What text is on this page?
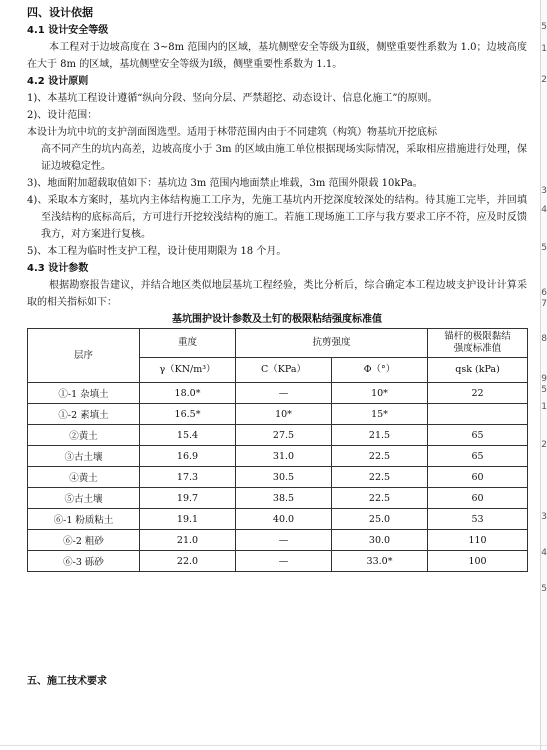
5
1
2
3
4
5
6
7
8
9
5
1
2
3
4
5
四、设计依据
4.1 设计安全等级
本工程对于边坡高度在 3~8m 范围内的区域，基坑侧壁安全等级为Ⅱ级，侧壁重要性系数为 1.0；边坡高度在大于 8m 的区域，基坑侧壁安全等级为Ⅰ级，侧壁重要性系数为 1.1。
4.2 设计原则
1)、本基坑工程设计遵循“纵向分段、竖向分层、严禁超挖、动态设计、信息化施工”的原则。
2)、设计范围：
本设计为坑中坑的支护剖面图选型。适用于林带范围内由于不同建筑（构筑）物基坑开挖底标
高不同产生的坑内高差，边坡高度小于 3m 的区域由施工单位根据现场实际情况，采取相应措施进行处理，保证边坡稳定性。
3)、地面附加超载取值如下：基坑边 3m 范围内地面禁止堆载，3m 范围外限载 10kPa。
4)、采取本方案时，基坑内主体结构施工工序为，先施工基坑内开挖深度较深处的结构。待其施工完毕，并回填至浅结构的底标高后，方可进行开挖较浅结构的施工。若施工现场施工工序与我方要求工序不符，应及时反馈我方，对方案进行复核。
5)、本工程为临时性支护工程，设计使用期限为 18 个月。
4.3 设计参数
根据勘察报告建议，并结合地区类似地层基坑工程经验，类比分析后，综合确定本工程边坡支护设计计算采取的相关指标如下：
基坑围护设计参数及土钉的极限粘结强度标准值
层序	重度	抗剪强度		锚杆的极限黏结强度标准值
	γ（KN/m³）	C（KPa）	Φ（°）	qsk (kPa)
①-1 杂填土	18.0*	—	10*	22
①-2 素填土	16.5*	10*	15*	
②黄土	15.4	27.5	21.5	65
③古土壤	16.9	31.0	22.5	65
④黄土	17.3	30.5	22.5	60
⑤古土壤	19.7	38.5	22.5	60
⑥-1 粉质粘土	19.1	40.0	25.0	53
⑥-2 粗砂	21.0	—	30.0	110
⑥-3 砾砂	22.0	—	33.0*	100
五、施工技术要求
